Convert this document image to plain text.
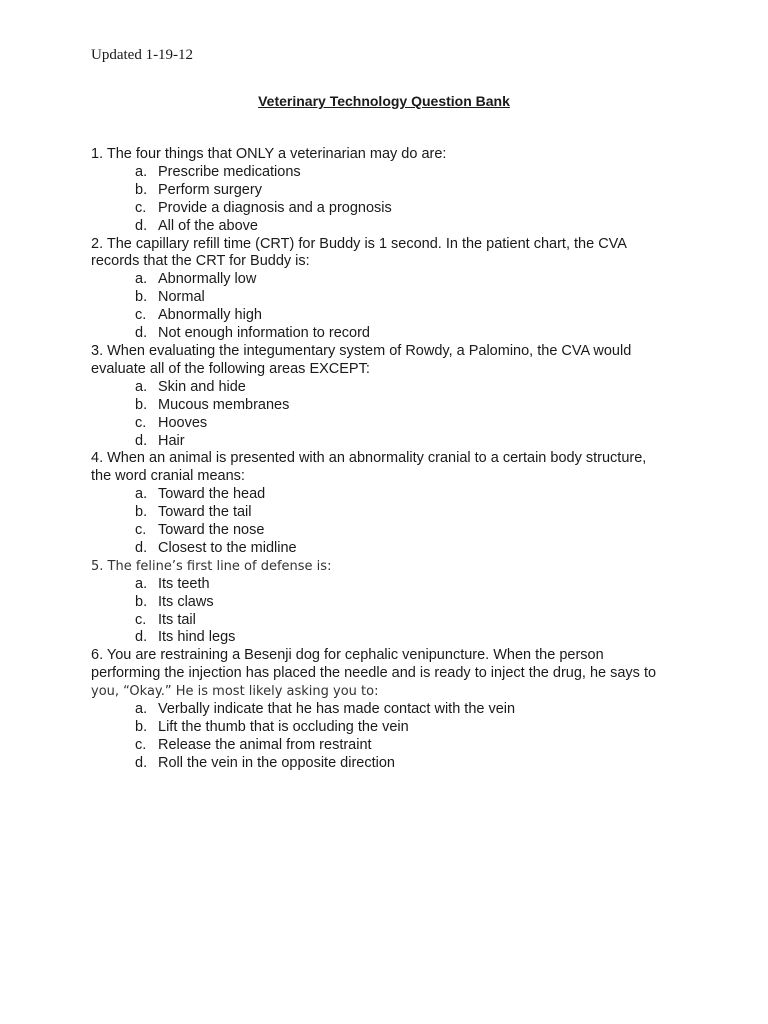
Updated 1-19-12
Veterinary Technology Question Bank
1. The four things that ONLY a veterinarian may do are:
a. Prescribe medications
b. Perform surgery
c. Provide a diagnosis and a prognosis
d. All of the above
2. The capillary refill time (CRT) for Buddy is 1 second. In the patient chart, the CVA
records that the CRT for Buddy is:
a. Abnormally low
b. Normal
c. Abnormally high
d. Not enough information to record
3. When evaluating the integumentary system of Rowdy, a Palomino, the CVA would
evaluate all of the following areas EXCEPT:
a. Skin and hide
b. Mucous membranes
c. Hooves
d. Hair
4. When an animal is presented with an abnormality cranial to a certain body structure,
the word cranial means:
a. Toward the head
b. Toward the tail
c. Toward the nose
d. Closest to the midline
5. The feline’s first line of defense is:
a. Its teeth
b. Its claws
c. Its tail
d. Its hind legs
6. You are restraining a Besenji dog for cephalic venipuncture. When the person
performing the injection has placed the needle and is ready to inject the drug, he says to
you, “Okay.” He is most likely asking you to:
a. Verbally indicate that he has made contact with the vein
b. Lift the thumb that is occluding the vein
c. Release the animal from restraint
d. Roll the vein in the opposite direction
